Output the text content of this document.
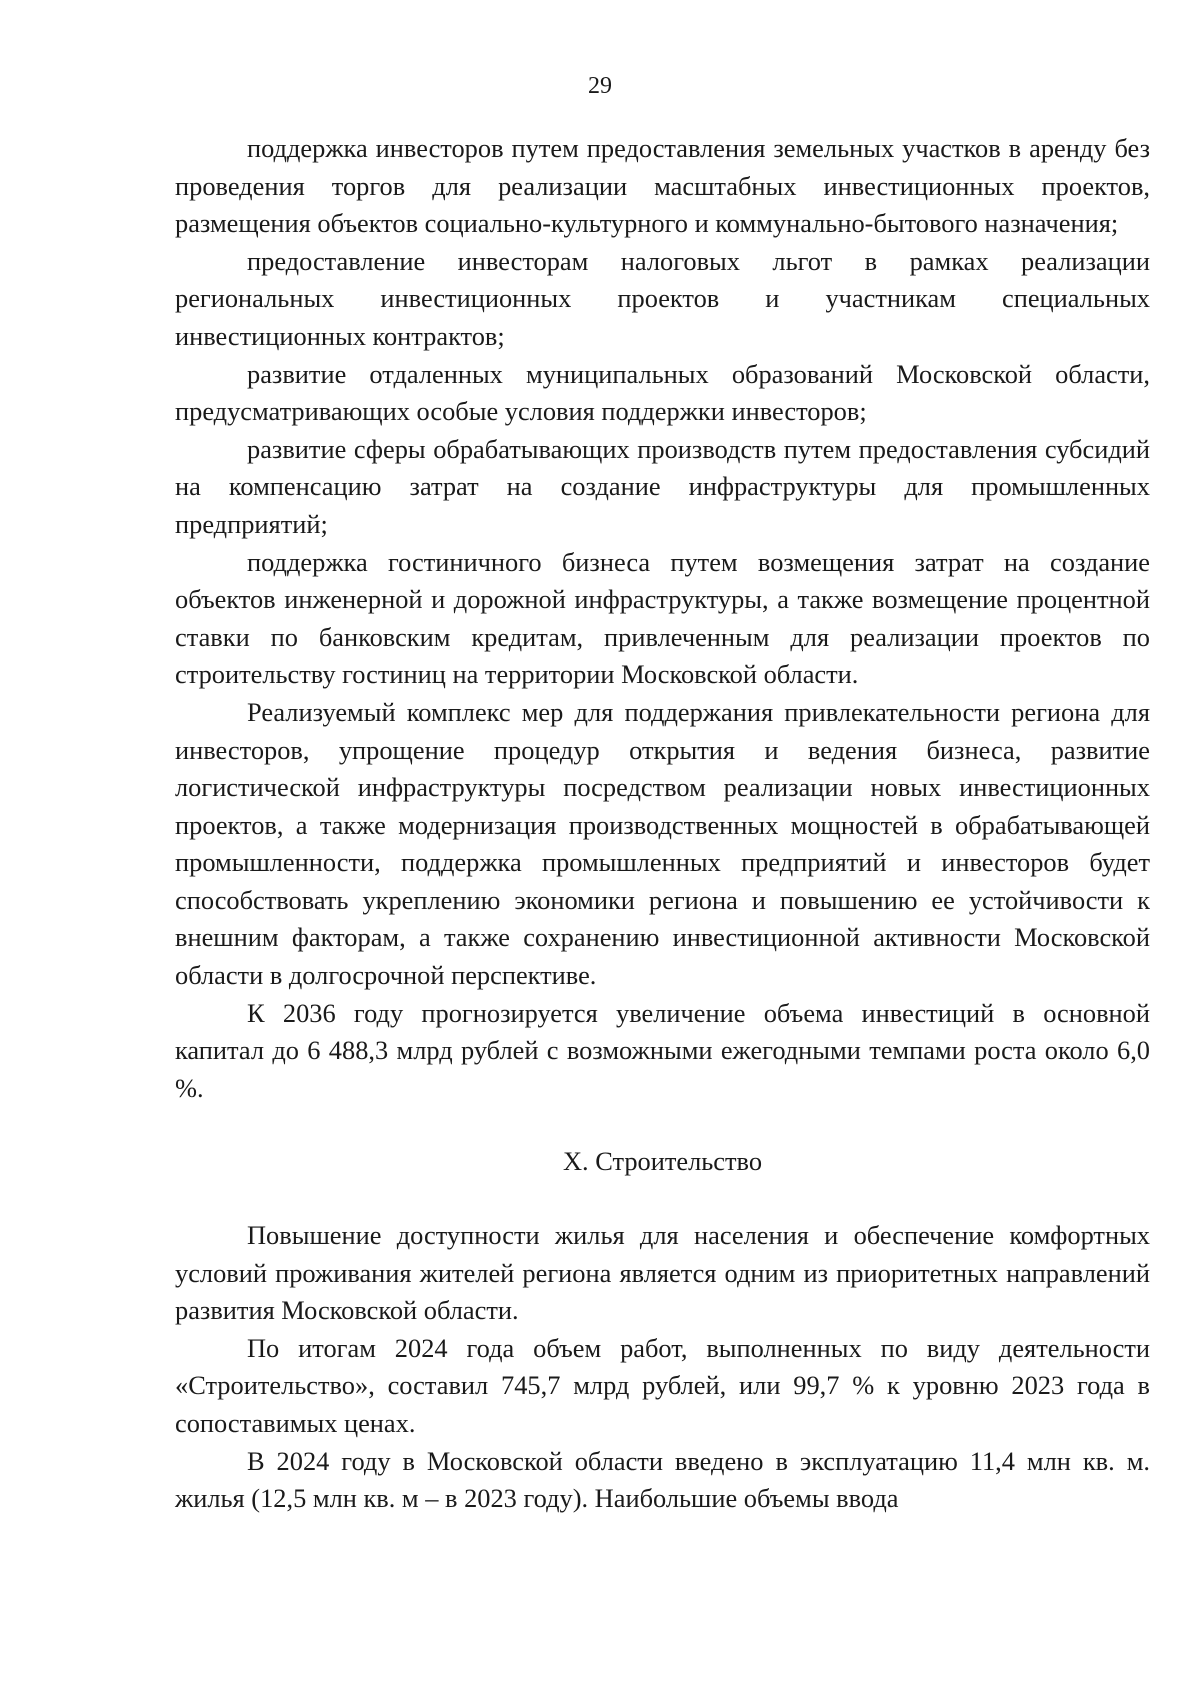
29

поддержка инвесторов путем предоставления земельных участков в аренду без проведения торгов для реализации масштабных инвестиционных проектов, размещения объектов социально-культурного и коммунально-бытового назначения;

предоставление инвесторам налоговых льгот в рамках реализации региональных инвестиционных проектов и участникам специальных инвестиционных контрактов;

развитие отдаленных муниципальных образований Московской области, предусматривающих особые условия поддержки инвесторов;

развитие сферы обрабатывающих производств путем предоставления субсидий на компенсацию затрат на создание инфраструктуры для промышленных предприятий;

поддержка гостиничного бизнеса путем возмещения затрат на создание объектов инженерной и дорожной инфраструктуры, а также возмещение процентной ставки по банковским кредитам, привлеченным для реализации проектов по строительству гостиниц на территории Московской области.

Реализуемый комплекс мер для поддержания привлекательности региона для инвесторов, упрощение процедур открытия и ведения бизнеса, развитие логистической инфраструктуры посредством реализации новых инвестиционных проектов, а также модернизация производственных мощностей в обрабатывающей промышленности, поддержка промышленных предприятий и инвесторов будет способствовать укреплению экономики региона и повышению ее устойчивости к внешним факторам, а также сохранению инвестиционной активности Московской области в долгосрочной перспективе.

К 2036 году прогнозируется увеличение объема инвестиций в основной капитал до 6 488,3 млрд рублей с возможными ежегодными темпами роста около 6,0 %.

X. Строительство

Повышение доступности жилья для населения и обеспечение комфортных условий проживания жителей региона является одним из приоритетных направлений развития Московской области.

По итогам 2024 года объем работ, выполненных по виду деятельности «Строительство», составил 745,7 млрд рублей, или 99,7 % к уровню 2023 года в сопоставимых ценах.

В 2024 году в Московской области введено в эксплуатацию 11,4 млн кв. м. жилья (12,5 млн кв. м – в 2023 году). Наибольшие объемы ввода
